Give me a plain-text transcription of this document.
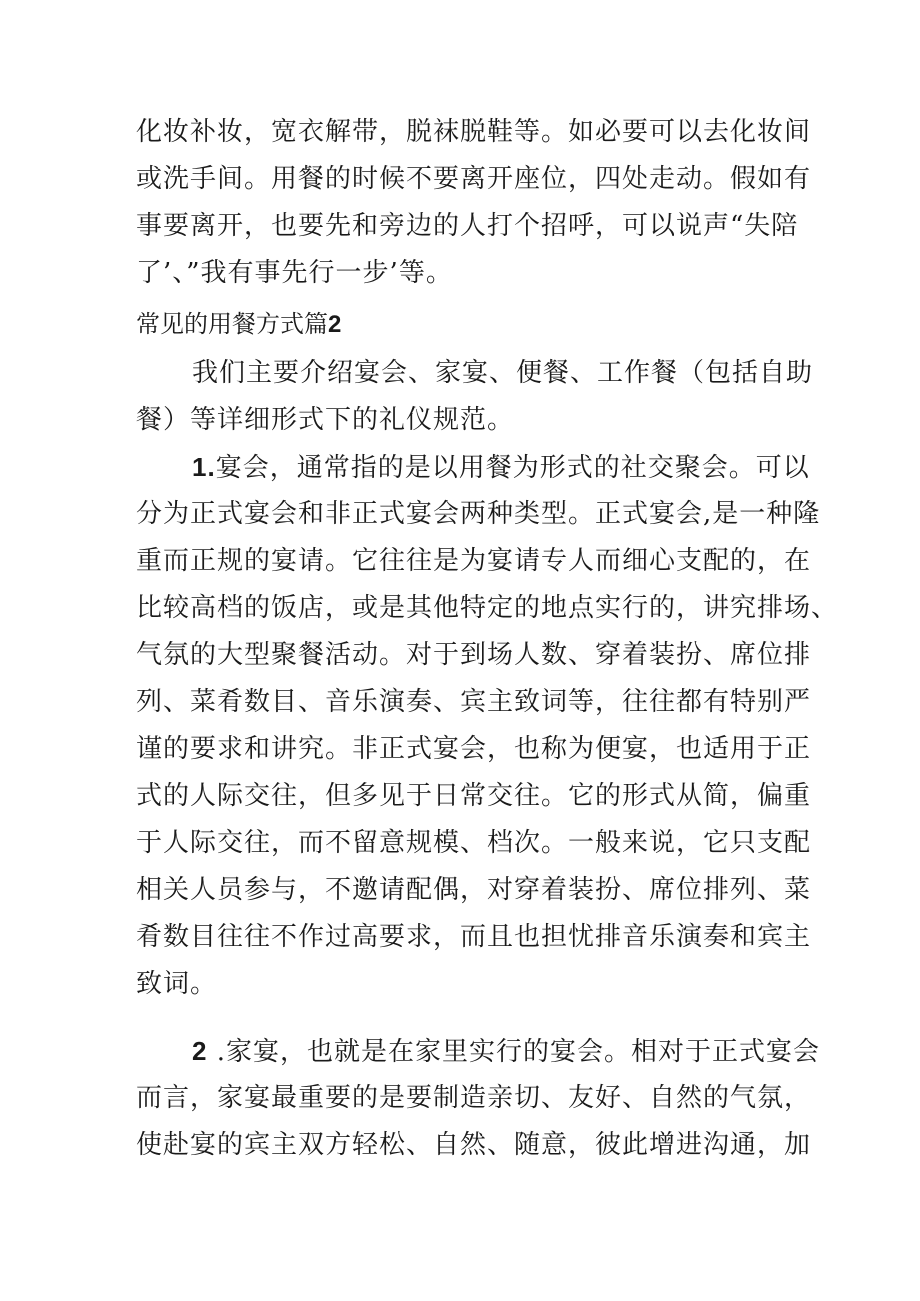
化妆补妆，宽衣解带，脱袜脱鞋等。如必要可以去化妆间
或洗手间。用餐的时候不要离开座位，四处走动。假如有
事要离开，也要先和旁边的人打个招呼，可以说声“失陪
了’、”我有事先行一步’等。
常见的用餐方式篇2
我们主要介绍宴会、家宴、便餐、工作餐（包括自助
餐）等详细形式下的礼仪规范。
1.宴会，通常指的是以用餐为形式的社交聚会。可以
分为正式宴会和非正式宴会两种类型。正式宴会,是一种隆
重而正规的宴请。它往往是为宴请专人而细心支配的，在
比较高档的饭店，或是其他特定的地点实行的，讲究排场、
气氛的大型聚餐活动。对于到场人数、穿着装扮、席位排
列、菜肴数目、音乐演奏、宾主致词等，往往都有特别严
谨的要求和讲究。非正式宴会，也称为便宴，也适用于正
式的人际交往，但多见于日常交往。它的形式从简，偏重
于人际交往，而不留意规模、档次。一般来说，它只支配
相关人员参与，不邀请配偶，对穿着装扮、席位排列、菜
肴数目往往不作过高要求，而且也担忧排音乐演奏和宾主
致词。
2 .家宴，也就是在家里实行的宴会。相对于正式宴会
而言，家宴最重要的是要制造亲切、友好、自然的气氛，
使赴宴的宾主双方轻松、自然、随意，彼此增进沟通，加
